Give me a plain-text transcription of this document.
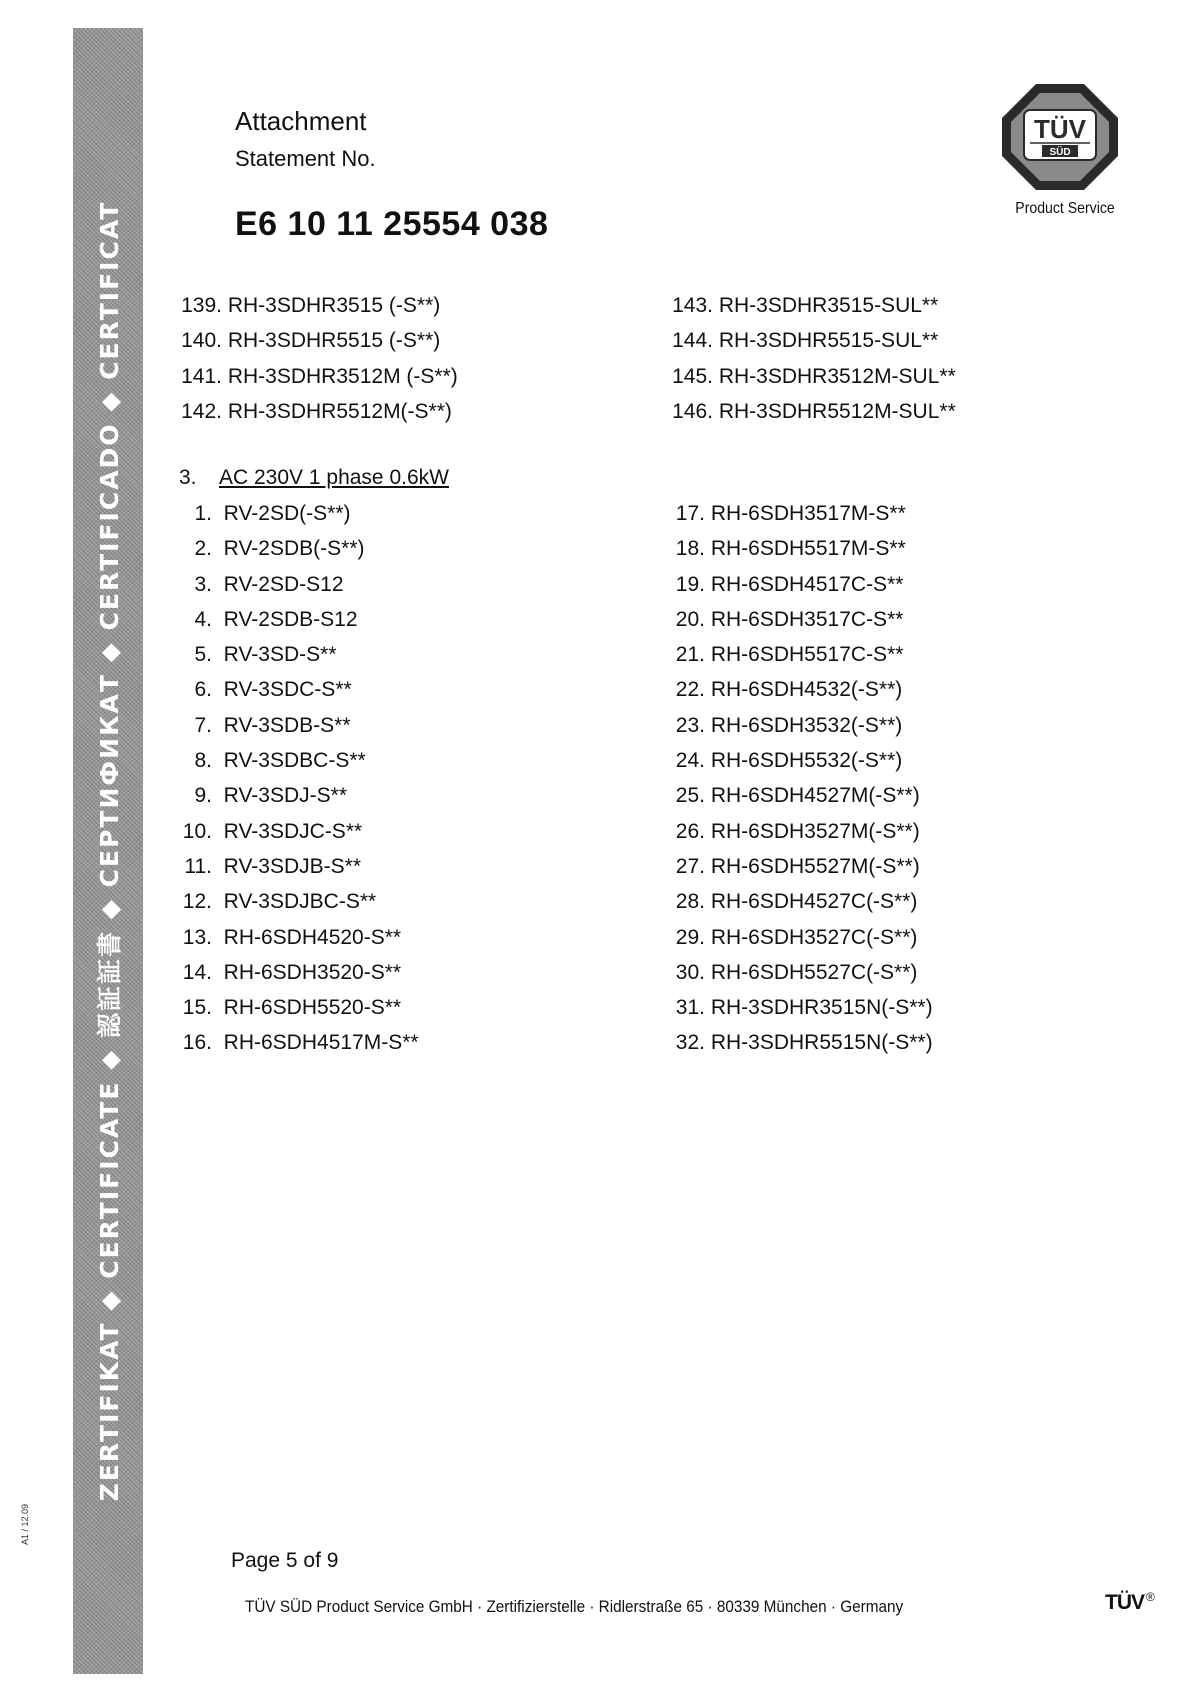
ZERTIFIKAT ◆ CERTIFICATE ◆ 認証証書 ◆ СЕРТИФИКАТ ◆ CERTIFICADO ◆ CERTIFICAT
A1 / 12.09
Attachment
Statement No.
E6 10 11 25554 038
TÜV
SÜD
Product Service
139. RH-3SDHR3515 (-S**)
140. RH-3SDHR5515 (-S**)
141. RH-3SDHR3512M (-S**)
142. RH-3SDHR5512M(-S**)
143. RH-3SDHR3515-SUL**
144. RH-3SDHR5515-SUL**
145. RH-3SDHR3512M-SUL**
146. RH-3SDHR5512M-SUL**
3. AC 230V 1 phase 0.6kW
1. RV-2SD(-S**)
2. RV-2SDB(-S**)
3. RV-2SD-S12
4. RV-2SDB-S12
5. RV-3SD-S**
6. RV-3SDC-S**
7. RV-3SDB-S**
8. RV-3SDBC-S**
9. RV-3SDJ-S**
10. RV-3SDJC-S**
11. RV-3SDJB-S**
12. RV-3SDJBC-S**
13. RH-6SDH4520-S**
14. RH-6SDH3520-S**
15. RH-6SDH5520-S**
16. RH-6SDH4517M-S**
17. RH-6SDH3517M-S**
18. RH-6SDH5517M-S**
19. RH-6SDH4517C-S**
20. RH-6SDH3517C-S**
21. RH-6SDH5517C-S**
22. RH-6SDH4532(-S**)
23. RH-6SDH3532(-S**)
24. RH-6SDH5532(-S**)
25. RH-6SDH4527M(-S**)
26. RH-6SDH3527M(-S**)
27. RH-6SDH5527M(-S**)
28. RH-6SDH4527C(-S**)
29. RH-6SDH3527C(-S**)
30. RH-6SDH5527C(-S**)
31. RH-3SDHR3515N(-S**)
32. RH-3SDHR5515N(-S**)
Page 5 of 9
TÜV SÜD Product Service GmbH · Zertifizierstelle · Ridlerstraße 65 · 80339 München · Germany	TÜV ®
